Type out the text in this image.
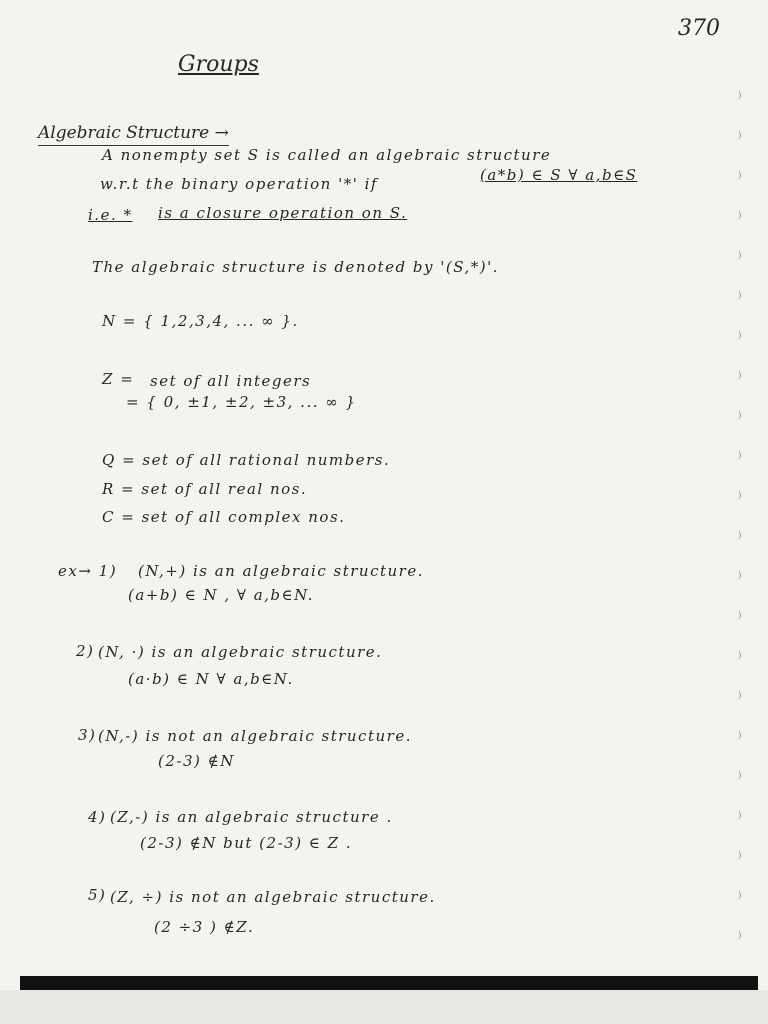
370
Groups
Algebraic Structure →
A nonempty set S is called an algebraic structure
w.r.t the binary operation '*' if	(a*b) ∈ S ∀ a,b∈S
i.e. * is a closure operation on S.
The algebraic structure is denoted by '(S,*)'.
N = { 1,2,3,4, ... ∞ }.
Z = set of all integers
= { 0, ±1, ±2, ±3, ... ∞ }
Q = set of all rational numbers.
R = set of all real nos.
C = set of all complex nos.
ex→ 1) (N,+) is an algebraic structure.
(a+b) ∈ N , ∀ a,b∈N.
2) (N, ·) is an algebraic structure.
(a·b) ∈ N ∀ a,b∈N.
3) (N,-) is not an algebraic structure.
(2-3) ∉N
4) (Z,-) is an algebraic structure .
(2-3) ∉N but (2-3) ∈ Z .
5) (Z, ÷) is not an algebraic structure.
(2 ÷3 ) ∉Z.
